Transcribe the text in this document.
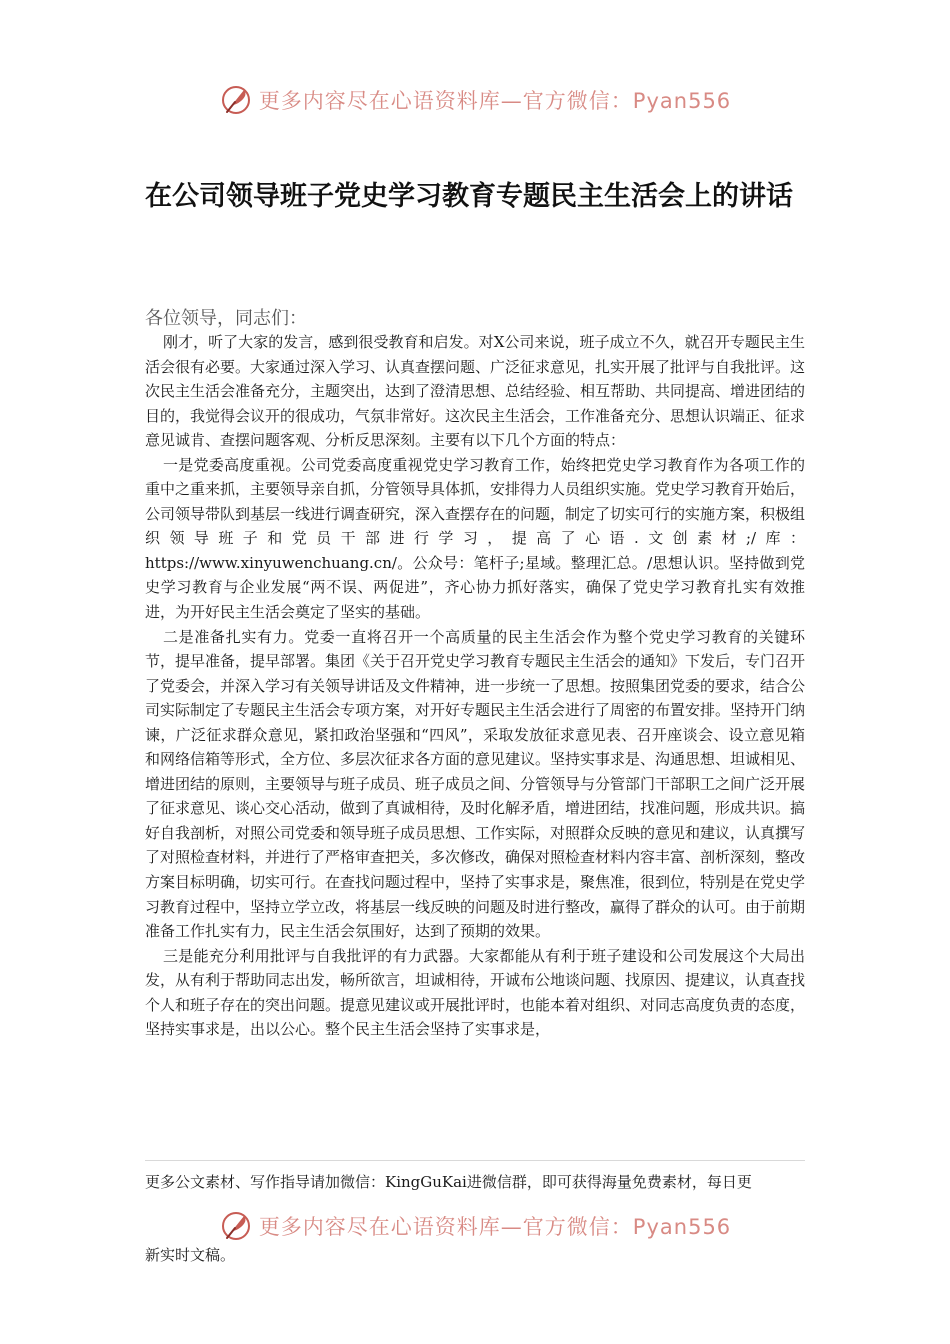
更多内容尽在心语资料库—官方微信：Pyan556
在公司领导班子党史学习教育专题民主生活会上的讲话

各位领导，同志们：

刚才，听了大家的发言，感到很受教育和启发。对X公司来说，班子成立不久，就召开专题民主生活会很有必要。大家通过深入学习、认真查摆问题、广泛征求意见，扎实开展了批评与自我批评。这次民主生活会准备充分，主题突出，达到了澄清思想、总结经验、相互帮助、共同提高、增进团结的目的，我觉得会议开的很成功，气氛非常好。这次民主生活会，工作准备充分、思想认识端正、征求意见诚肯、查摆问题客观、分析反思深刻。主要有以下几个方面的特点：

一是党委高度重视。公司党委高度重视党史学习教育工作，始终把党史学习教育作为各项工作的重中之重来抓，主要领导亲自抓，分管领导具体抓，安排得力人员组织实施。党史学习教育开始后，公司领导带队到基层一线进行调查研究，深入查摆存在的问题，制定了切实可行的实施方案，积极组织领导班子和党员干部进行学习，提高了心语.文创素材;/库：https://www.xinyuwenchuang.cn/。公众号：笔杆子;星域。整理汇总。/思想认识。坚持做到党史学习教育与企业发展“两不误、两促进”，齐心协力抓好落实，确保了党史学习教育扎实有效推进，为开好民主生活会奠定了坚实的基础。

二是准备扎实有力。党委一直将召开一个高质量的民主生活会作为整个党史学习教育的关键环节，提早准备，提早部署。集团《关于召开党史学习教育专题民主生活会的通知》下发后，专门召开了党委会，并深入学习有关领导讲话及文件精神，进一步统一了思想。按照集团党委的要求，结合公司实际制定了专题民主生活会专项方案，对开好专题民主生活会进行了周密的布置安排。坚持开门纳谏，广泛征求群众意见，紧扣政治坚强和“四风”，采取发放征求意见表、召开座谈会、设立意见箱和网络信箱等形式，全方位、多层次征求各方面的意见建议。坚持实事求是、沟通思想、坦诚相见、增进团结的原则，主要领导与班子成员、班子成员之间、分管领导与分管部门干部职工之间广泛开展了征求意见、谈心交心活动，做到了真诚相待，及时化解矛盾，增进团结，找准问题，形成共识。搞好自我剖析，对照公司党委和领导班子成员思想、工作实际，对照群众反映的意见和建议，认真撰写了对照检查材料，并进行了严格审查把关，多次修改，确保对照检查材料内容丰富、剖析深刻，整改方案目标明确，切实可行。在查找问题过程中，坚持了实事求是，聚焦准，很到位，特别是在党史学习教育过程中，坚持立学立改，将基层一线反映的问题及时进行整改，赢得了群众的认可。由于前期准备工作扎实有力，民主生活会氛围好，达到了预期的效果。

三是能充分利用批评与自我批评的有力武器。大家都能从有利于班子建设和公司发展这个大局出发，从有利于帮助同志出发，畅所欲言，坦诚相待，开诚布公地谈问题、找原因、提建议，认真查找个人和班子存在的突出问题。提意见建议或开展批评时，也能本着对组织、对同志高度负责的态度，坚持实事求是，出以公心。整个民主生活会坚持了实事求是，

更多公文素材、写作指导请加微信：KingGuKai进微信群，即可获得海量免费素材，每日更

更多内容尽在心语资料库—官方微信：Pyan556

新实时文稿。
